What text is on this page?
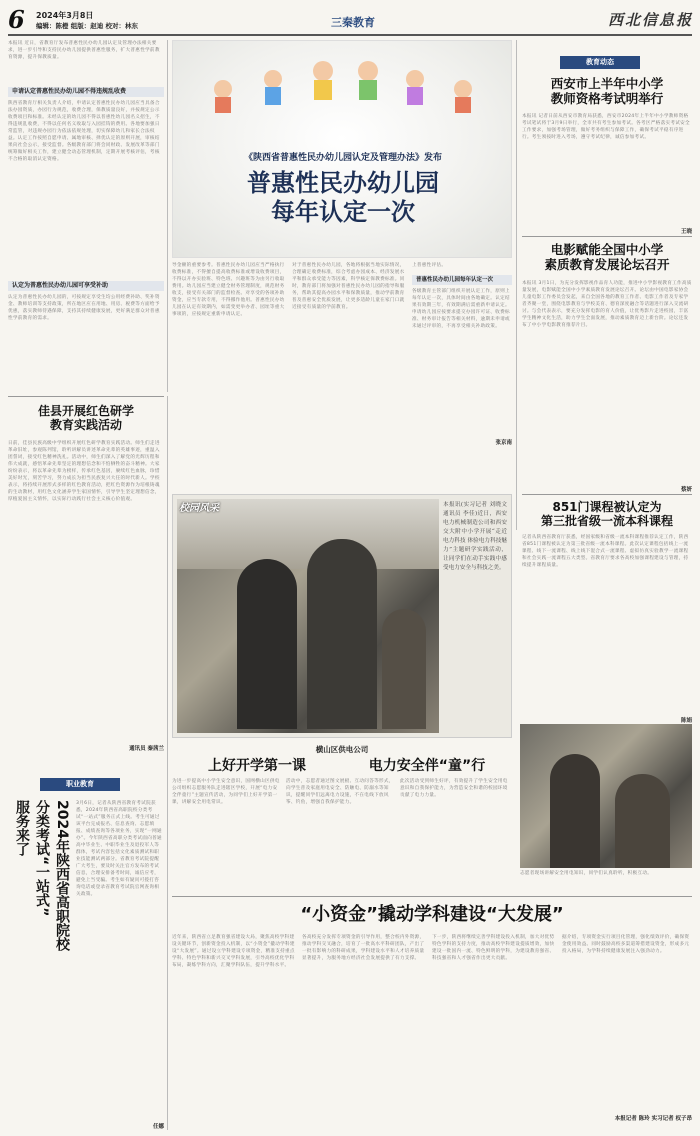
6 2024年3月8日
编辑：陈橙 组版：赵迪 校对：林东	三秦教育	西北信息报
本报讯 近日，省教育厅发布普惠性民办幼儿园认定及管理办法相关要求，进一步引导和支持民办幼儿园提供普惠性服务，扩大普惠性学前教育资源，提升保教质量。
申请认定普惠性民办幼儿园不得违规乱收费
陕西省教育厅相关负责人介绍，申请认定普惠性民办幼儿园应当具备合法办园资质，办园行为规范，收费合理，保教质量良好，并按规定公示收费项目和标准。未经认定的幼儿园不得以普惠性幼儿园名义招生，不得违规乱收费，不得以任何名义收取与入园挂钩的费用。各地要加强日常监管，对违规办园行为依法依规处理，切实保障幼儿和家长合法权益。认定工作按照自愿申请、属地审核、择优认定的原则开展，审核结果向社会公示，接受监督。各级教育部门将会同财政、发展改革等部门统筹做好相关工作，建立健全动态管理机制，定期开展考核评估，考核不合格的取消认定资格。
认定为普惠性民办幼儿园可享受补助
认定为普惠性民办幼儿园的，可按规定享受生均公用经费补助、奖补资金、教师培训等支持政策，所在地区应在用地、用房、税费等方面给予优惠，落实教师待遇保障，支持其持续健康发展，更好满足群众对普惠性学前教育的需求。
《陕西省普惠性民办幼儿园认定及管理办法》发布
普惠性民办幼儿园
每年认定一次
导金额的重要参考。普惠性民办幼儿园应当严格执行收费标准，不得擅自提高收费标准或增设收费项目，不得以开办实验班、特色班、兴趣班等为由另行收取费用。幼儿园应当建立健全财务管理制度，规范财务收支，接受有关部门的监督检查。对享受的各项补助资金，应当专款专用，不得挪作他用。普惠性民办幼儿园在认定有效期内，如需变更举办者、园址等重大事项的，应按规定重新申请认定。
对于普惠性民办幼儿园，各地将根据当地实际情况，合理确定收费标准，综合考虑办园成本、经济发展水平和群众承受能力等因素，科学核定保教费标准。同时，教育部门将加强对普惠性民办幼儿园的指导和服务，帮助其提高办园水平和保教质量，推动学前教育普及普惠安全优质发展，让更多适龄儿童在家门口就近接受有质量的学前教育。
上普惠性评估。
普惠性民办幼儿园每年认定一次
各级教育主管部门组织开展认定工作，原则上每年认定一次，具体时间由各地确定。认定结果有效期三年，有效期满后需重新申请认定。申请幼儿园应按要求提交办园许可证、收费标准、财务审计报告等相关材料，逾期未申请或未通过评审的，不再享受相关补助政策。
张京南
教育动态
西安市上半年中小学
教师资格考试明举行
本报讯 记者日前从西安市教育局获悉，西安市2024年上半年中小学教师资格考试笔试将于3月9日举行，全市共有考生参加考试。各考区严格落实考试安全工作要求，加强考场管理，做好考务组织与保障工作，确保考试平稳有序进行。考生须按时进入考场，遵守考试纪律，诚信参加考试。
王晓
电影赋能全国中小学
素质教育发展论坛召开
本报讯 3月1日，为充分发挥影视作品育人功能，推进中小学影视教育工作高质量发展，电影赋能全国中小学素质教育发展论坛召开。论坛由中国电影家协会儿童电影工作委员会发起，来自全国各地的教育工作者、电影工作者及专家学者齐聚一堂，围绕电影教育与学校美育、德育深度融合等话题进行深入交流研讨。与会代表表示，要充分发挥电影的育人价值，让优秀影片走进校园，丰富学生精神文化生活，助力学生全面发展，推动素质教育迈上新台阶。论坛还发布了中小学电影教育推荐片目。
蔡妍
851门课程被认定为
第三批省级一流本科课程
记者从陕西省教育厅获悉，经国家级和省级一流本科课程推荐认定工作，陕西省851门课程被认定为第三批省级一流本科课程。此次认定课程包括线上一流课程、线下一流课程、线上线下混合式一流课程、虚拟仿真实验教学一流课程和社会实践一流课程五大类型。省教育厅要求各高校加强课程建设与管理，持续提升课程质量。
陈娟
佳县开展红色研学
教育实践活动
日前，佳县民族高级中学组织开展红色研学教育实践活动。师生们走进革命旧址，参观陈列馆，聆听讲解员讲述革命先辈的英雄事迹，重温入团誓词，接受红色精神洗礼。活动中，师生们深入了解党的光辉历程和伟大成就，感悟革命先辈坚定的理想信念和不怕牺牲的奋斗精神。大家纷纷表示，将以革命先辈为榜样，传承红色基因，赓续红色血脉，珍惜美好时光，刻苦学习，努力成长为担当民族复兴大任的时代新人。学校表示，将持续开展形式多样的红色教育活动，把红色资源作为培根铸魂的生动教材，用红色文化涵养学生家国情怀，引导学生坚定理想信念，厚植爱国主义情怀，以实际行动践行社会主义核心价值观。
通讯员 秦茜兰
校园风采	本报讯(实习记者 刘晓文 通讯员 李佳)近日，西安电力机械制造公司和西安交大附中小学开展“走近电力科技 体验电力科技魅力”主题研学实践活动，让同学们在动手实践中感受电力安全与科技之美。
横山区供电公司
上好开学第一课	电力安全伴“童”行
为进一步提高中小学生安全意识，国网横山区供电公司组织志愿服务队走进辖区学校，开展“电力安全伴童行”主题宣传活动，为同学们上好开学第一课，讲解安全用电常识。
活动中，志愿者通过图文展板、互动问答等形式，向学生普及家庭用电安全、防触电、防溺水等知识，提醒同学们远离电力设施，不在电线下放风筝、钓鱼，增强自我保护能力。
此次活动受到师生好评，有效提升了学生安全用电意识和自我保护能力，为营造安全和谐的校园环境贡献了电力力量。
志愿者现场讲解安全用电知识，同学们认真聆听，积极互动。
职业教育
2024年陕西省高职院校
分类考试“一站式”
服务来了	3月6日，记者从陕西省教育考试院获悉，2024年陕西省高职院校分类考试“一站式”服务正式上线。考生可通过该平台完成报名、信息查询、志愿填报、成绩查询等各项业务，实现“一网通办”。今年陕西省高职分类考试面向普通高中毕业生、中职毕业生及退役军人等群体，考试内容包括文化素质测试和职业技能测试两部分。省教育考试院提醒广大考生，要及时关注官方发布的考试信息，合理安排备考时间，诚信应考，避免上当受骗。考生如有疑问可拨打咨询电话或登录省教育考试院官网查询相关政策。
任娜
“小资金”撬动学科建设“大发展”
近年来，陕西省立足教育强省建设大局，聚焦高校学科建设关键环节，创新资金投入机制，以“小资金”撬动学科建设“大发展”。通过设立学科建设专项资金，精准支持重点学科、特色学科和新兴交叉学科发展，引导高校优化学科布局，凝练学科方向，汇聚学科队伍，提升学科水平。
各高校充分发挥专项资金的引导作用，整合校内外资源，推动学科交叉融合，培育了一批高水平科研团队，产出了一批有影响力的科研成果，学科建设水平和人才培养质量显著提升，为服务地方经济社会发展提供了有力支撑。
下一步，陕西将继续完善学科建设投入机制，加大对优势特色学科的支持力度，推动高校学科建设提质增效，加快建设一批国内一流、特色鲜明的学科，为建设教育强省、科技强省和人才强省作出更大贡献。
据介绍，专项资金实行项目化管理，强化绩效评价，确保资金使用效益。同时鼓励高校多渠道筹措建设资金，形成多元投入格局，为学科持续健康发展注入强劲动力。
本报记者 陈玲 实习记者 权子昂
